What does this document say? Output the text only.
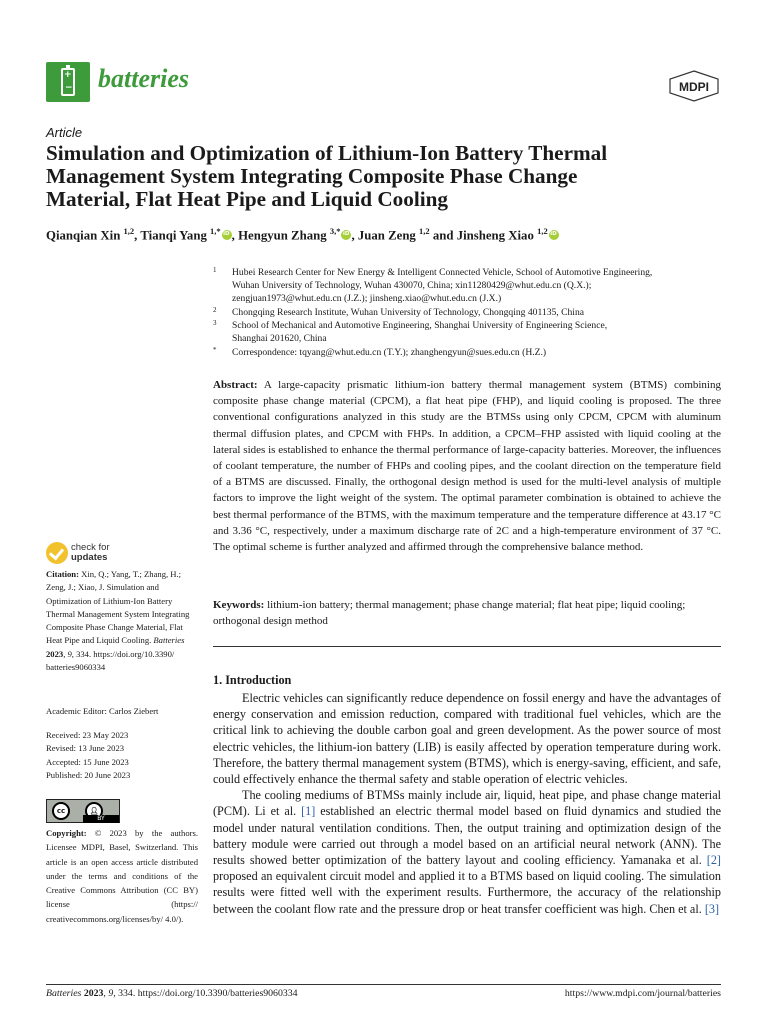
+
− batteries	MDPI
Article
Simulation and Optimization of Lithium-Ion Battery Thermal
Management System Integrating Composite Phase Change
Material, Flat Heat Pipe and Liquid Cooling
Qianqian Xin $^{1,2}$, Tianqi Yang $^{1,*}$ iD , Hengyun Zhang $^{3,*}$ iD , Juan Zeng $^{1,2}$ and Jinsheng Xiao $^{1,2}$iD
1 Hubei Research Center for New Energy & Intelligent Connected Vehicle, School of Automotive Engineering,
Wuhan University of Technology, Wuhan 430070, China; xin11280429@whut.edu.cn (Q.X.);
zengjuan1973@whut.edu.cn (J.Z.); jinsheng.xiao@whut.edu.cn (J.X.)
2 Chongqing Research Institute, Wuhan University of Technology, Chongqing 401135, China
3 School of Mechanical and Automotive Engineering, Shanghai University of Engineering Science,
Shanghai 201620, China
* Correspondence: tqyang@whut.edu.cn (T.Y.); zhanghengyun@sues.edu.cn (H.Z.)
Abstract: A large-capacity prismatic lithium-ion battery thermal management system (BTMS) combining composite phase change material (CPCM), a flat heat pipe (FHP), and liquid cooling is proposed. The three conventional configurations analyzed in this study are the BTMSs using only CPCM, CPCM with aluminum thermal diffusion plates, and CPCM with FHPs. In addition, a CPCM–FHP assisted with liquid cooling at the lateral sides is established to enhance the thermal performance of large-capacity batteries. Moreover, the influences of coolant temperature, the number of FHPs and cooling pipes, and the coolant direction on the temperature field of a BTMS are discussed. Finally, the orthogonal design method is used for the multi-level analysis of multiple factors to improve the light weight of the system. The optimal parameter combination is obtained to achieve the best thermal performance of the BTMS, with the maximum temperature and the temperature difference at 43.17 °C and 3.36 °C, respectively, under a maximum discharge rate of 2C and a high-temperature environment of 37 °C. The optimal scheme is further analyzed and affirmed through the comprehensive balance method.
Keywords: lithium-ion battery; thermal management; phase change material; flat heat pipe; liquid cooling; orthogonal design method
1. Introduction

Electric vehicles can significantly reduce dependence on fossil energy and have the advantages of energy conservation and emission reduction, compared with traditional fuel vehicles, which are the critical link to achieving the double carbon goal and green development. As the power source of most electric vehicles, the lithium-ion battery (LIB) is easily affected by operation temperature during work. Therefore, the battery thermal management system (BTMS), which is energy-saving, efficient, and safe, could effectively enhance the thermal safety and stable operation of electric vehicles.

The cooling mediums of BTMSs mainly include air, liquid, heat pipe, and phase change material (PCM). Li et al. [1] established an electric thermal model based on fluid dynamics and studied the model under natural ventilation conditions. Then, the output training and optimization design of the battery module were carried out through a model based on an artificial neural network (ANN). The results showed better optimization of the battery layout and cooling efficiency. Yamanaka et al. [2] proposed an equivalent circuit model and applied it to a BTMS based on liquid cooling. The simulation results were fitted well with the experiment results. Furthermore, the accuracy of the relationship between the coolant flow rate and the pressure drop or heat transfer coefficient was high. Chen et al. [3]

check for
updates
Citation: Xin, Q.; Yang, T.; Zhang, H.; Zeng, J.; Xiao, J. Simulation and Optimization of Lithium-Ion Battery Thermal Management System Integrating Composite Phase Change Material, Flat Heat Pipe and Liquid Cooling. Batteries 2023, 9, 334. https://doi.org/10.3390/ batteries9060334
Academic Editor: Carlos Ziebert
Received: 23 May 2023
Revised: 13 June 2023
Accepted: 15 June 2023
Published: 20 June 2023
cc	👤︎
BY
Copyright: © 2023 by the authors. Licensee MDPI, Basel, Switzerland. This article is an open access article distributed under the terms and conditions of the Creative Commons Attribution (CC BY) license (https:// creativecommons.org/licenses/by/ 4.0/).
Batteries 2023, 9, 334. https://doi.org/10.3390/batteries9060334	https://www.mdpi.com/journal/batteries
